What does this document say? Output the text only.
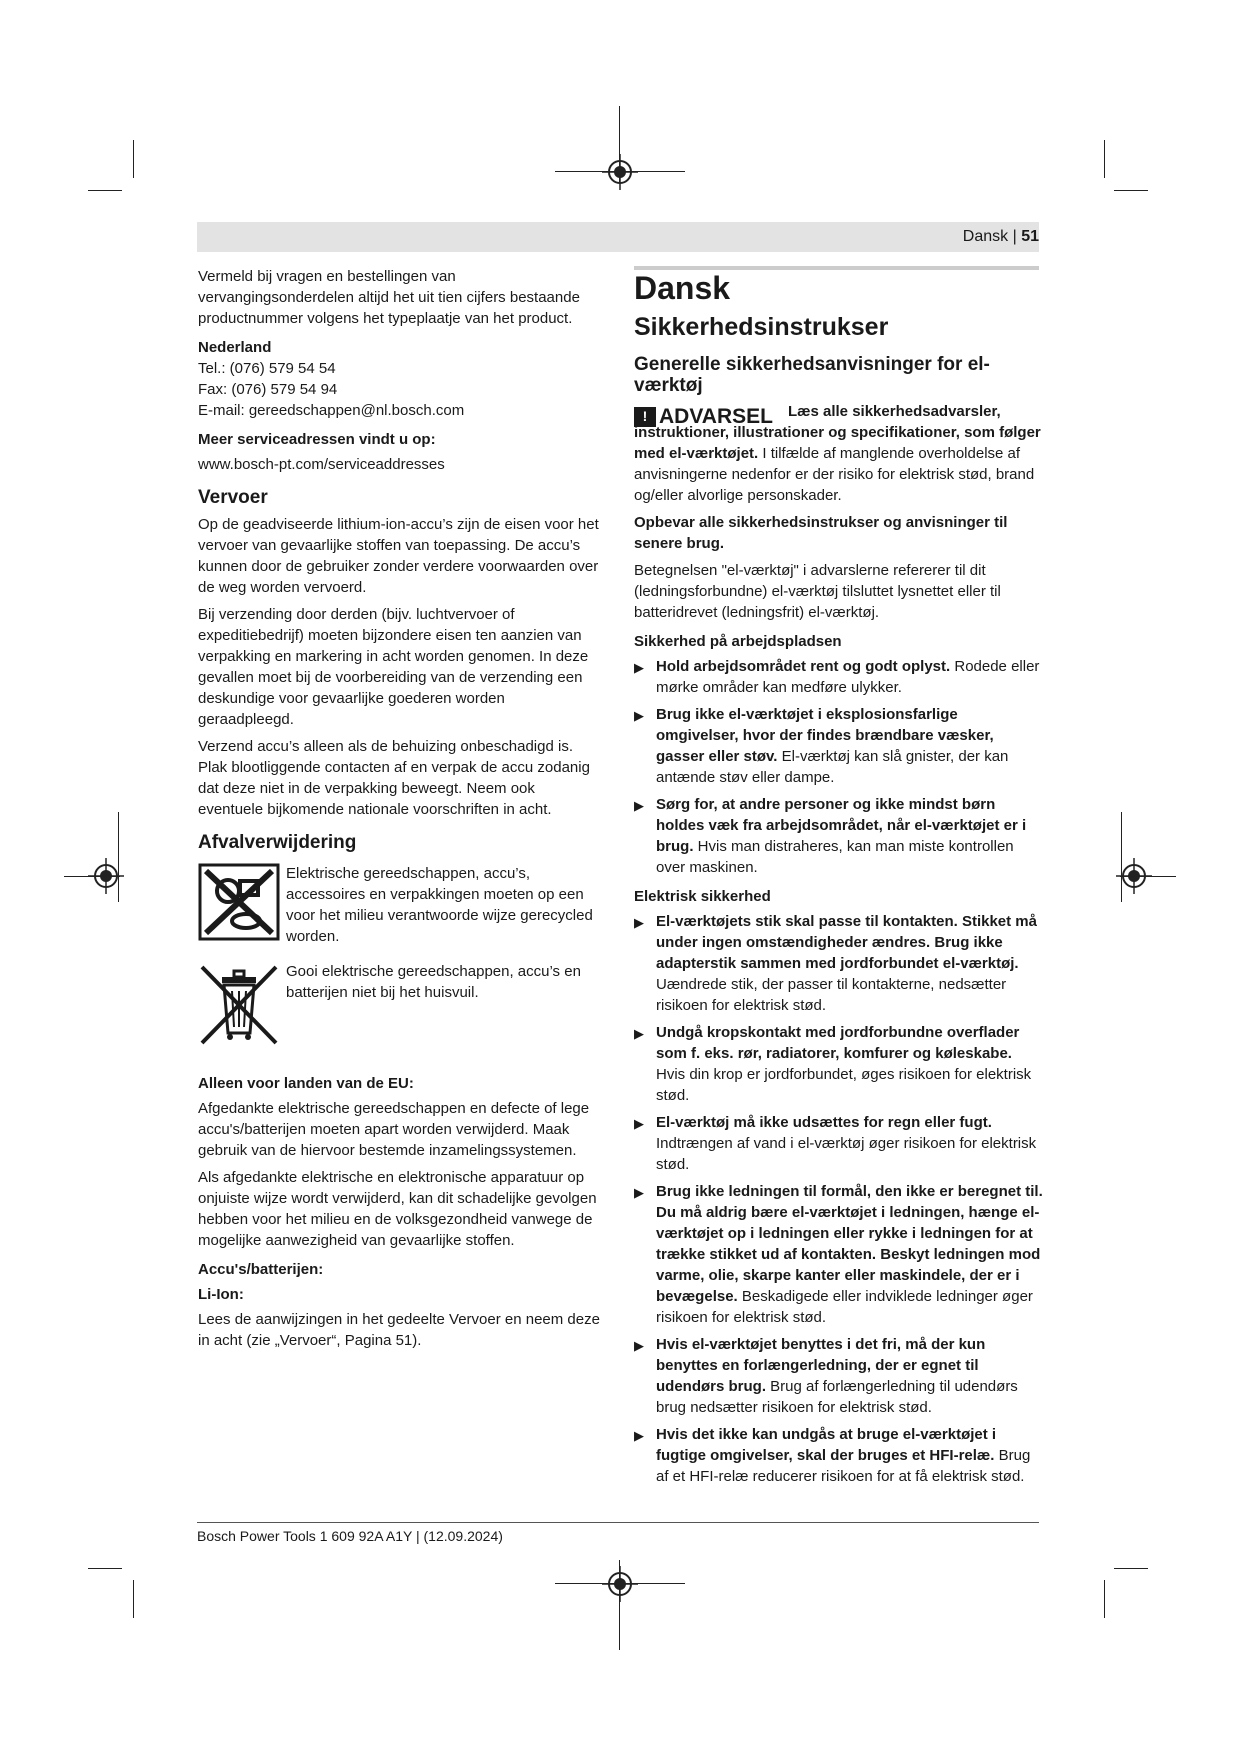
Dansk | 51

Vermeld bij vragen en bestellingen van vervangingsonderdelen altijd het uit tien cijfers bestaande productnummer volgens het typeplaatje van het product.

Nederland

Tel.: (076) 579 54 54

Fax: (076) 579 54 94

E-mail: gereedschappen@nl.bosch.com

Meer serviceadressen vindt u op:

www.bosch-pt.com/serviceaddresses

Vervoer

Op de geadviseerde lithium-ion-accu’s zijn de eisen voor het vervoer van gevaarlijke stoffen van toepassing. De accu’s kunnen door de gebruiker zonder verdere voorwaarden over de weg worden vervoerd.

Bij verzending door derden (bijv. luchtvervoer of expeditiebedrijf) moeten bijzondere eisen ten aanzien van verpakking en markering in acht worden genomen. In deze gevallen moet bij de voorbereiding van de verzending een deskundige voor gevaarlijke goederen worden geraadpleegd.

Verzend accu’s alleen als de behuizing onbeschadigd is. Plak blootliggende contacten af en verpak de accu zodanig dat deze niet in de verpakking beweegt. Neem ook eventuele bijkomende nationale voorschriften in acht.

Afvalverwijdering
Elektrische gereedschappen, accu’s, accessoires en verpakkingen moeten op een voor het milieu verantwoorde wijze gerecycled worden.
Gooi elektrische gereedschappen, accu’s en batterijen niet bij het huisvuil.
Alleen voor landen van de EU:

Afgedankte elektrische gereedschappen en defecte of lege accu's/batterijen moeten apart worden verwijderd. Maak gebruik van de hiervoor bestemde inzamelingssystemen.

Als afgedankte elektrische en elektronische apparatuur op onjuiste wijze wordt verwijderd, kan dit schadelijke gevolgen hebben voor het milieu en de volksgezondheid vanwege de mogelijke aanwezigheid van gevaarlijke stoffen.

Accu's/batterijen:
Li-Ion:

Lees de aanwijzingen in het gedeelte Vervoer en neem deze in acht (zie „Vervoer“, Pagina 51).

Dansk
Sikkerhedsinstrukser
Generelle sikkerhedsanvisninger for el-værktøj
! ADVARSEL	Læs alle sikkerhedsadvarsler, instruktioner, illustrationer og specifikationer, som følger med el-værktøjet. I tilfælde af manglende overholdelse af anvisningerne nedenfor er der risiko for elektrisk stød, brand og/eller alvorlige personskader.

Opbevar alle sikkerhedsinstrukser og anvisninger til senere brug.

Betegnelsen "el-værktøj" i advarslerne refererer til dit (ledningsforbundne) el-værktøj tilsluttet lysnettet eller til batteridrevet (ledningsfrit) el-værktøj.

Sikkerhed på arbejdspladsen
▶ Hold arbejdsområdet rent og godt oplyst. Rodede eller mørke områder kan medføre ulykker.
▶ Brug ikke el-værktøjet i eksplosionsfarlige omgivelser, hvor der findes brændbare væsker, gasser eller støv. El-værktøj kan slå gnister, der kan antænde støv eller dampe.
▶ Sørg for, at andre personer og ikke mindst børn holdes væk fra arbejdsområdet, når el-værktøjet er i brug. Hvis man distraheres, kan man miste kontrollen over maskinen.
Elektrisk sikkerhed
▶ El-værktøjets stik skal passe til kontakten. Stikket må under ingen omstændigheder ændres. Brug ikke adapterstik sammen med jordforbundet el-værktøj. Uændrede stik, der passer til kontakterne, nedsætter risikoen for elektrisk stød.
▶ Undgå kropskontakt med jordforbundne overflader som f. eks. rør, radiatorer, komfurer og køleskabe. Hvis din krop er jordforbundet, øges risikoen for elektrisk stød.
▶ El-værktøj må ikke udsættes for regn eller fugt. Indtrængen af vand i el-værktøj øger risikoen for elektrisk stød.
▶ Brug ikke ledningen til formål, den ikke er beregnet til. Du må aldrig bære el-værktøjet i ledningen, hænge el-værktøjet op i ledningen eller rykke i ledningen for at trække stikket ud af kontakten. Beskyt ledningen mod varme, olie, skarpe kanter eller maskindele, der er i bevægelse. Beskadigede eller indviklede ledninger øger risikoen for elektrisk stød.
▶ Hvis el-værktøjet benyttes i det fri, må der kun benyttes en forlængerledning, der er egnet til udendørs brug. Brug af forlængerledning til udendørs brug nedsætter risikoen for elektrisk stød.
▶ Hvis det ikke kan undgås at bruge el-værktøjet i fugtige omgivelser, skal der bruges et HFI-relæ. Brug af et HFI-relæ reducerer risikoen for at få elektrisk stød.
Bosch Power Tools 1 609 92A A1Y | (12.09.2024)
